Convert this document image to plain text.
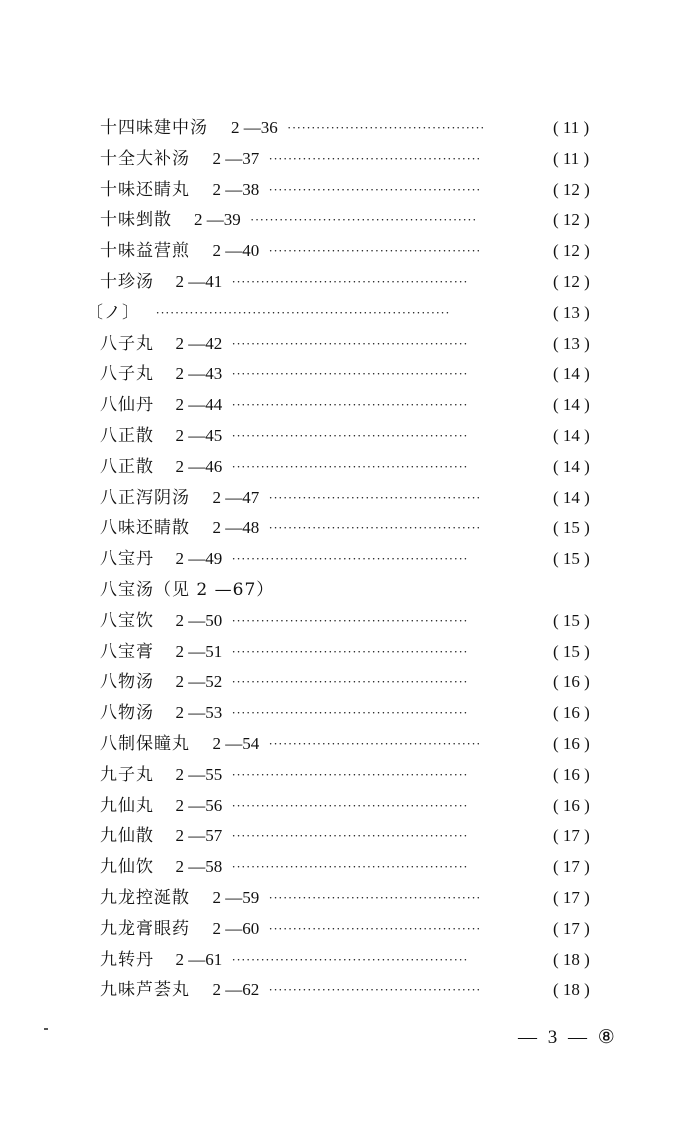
十四味建中汤 2 —36 ·········································	( 11 )
十全大补汤 2 —37 ············································	( 11 )
十味还睛丸 2 —38 ············································	( 12 )
十味剉散 2 —39 ···············································	( 12 )
十味益营煎 2 —40 ············································	( 12 )
十珍汤 2 —41 ·················································	( 12 )
〔ノ〕 ·····························································	( 13 )
八子丸 2 —42 ·················································	( 13 )
八子丸 2 —43 ·················································	( 14 )
八仙丹 2 —44 ·················································	( 14 )
八正散 2 —45 ·················································	( 14 )
八正散 2 —46 ·················································	( 14 )
八正泻阴汤 2 —47 ············································	( 14 )
八味还睛散 2 —48 ············································	( 15 )
八宝丹 2 —49 ·················································	( 15 )
八宝汤（见 2 —67）
八宝饮 2 —50 ·················································	( 15 )
八宝膏 2 —51 ·················································	( 15 )
八物汤 2 —52 ·················································	( 16 )
八物汤 2 —53 ·················································	( 16 )
八制保瞳丸 2 —54 ············································	( 16 )
九子丸 2 —55 ·················································	( 16 )
九仙丸 2 —56 ·················································	( 16 )
九仙散 2 —57 ·················································	( 17 )
九仙饮 2 —58 ·················································	( 17 )
九龙控涎散 2 —59 ············································	( 17 )
九龙膏眼药 2 —60 ············································	( 17 )
九转丹 2 —61 ·················································	( 18 )
九味芦荟丸 2 —62 ············································	( 18 )
— 3 — ⑧
